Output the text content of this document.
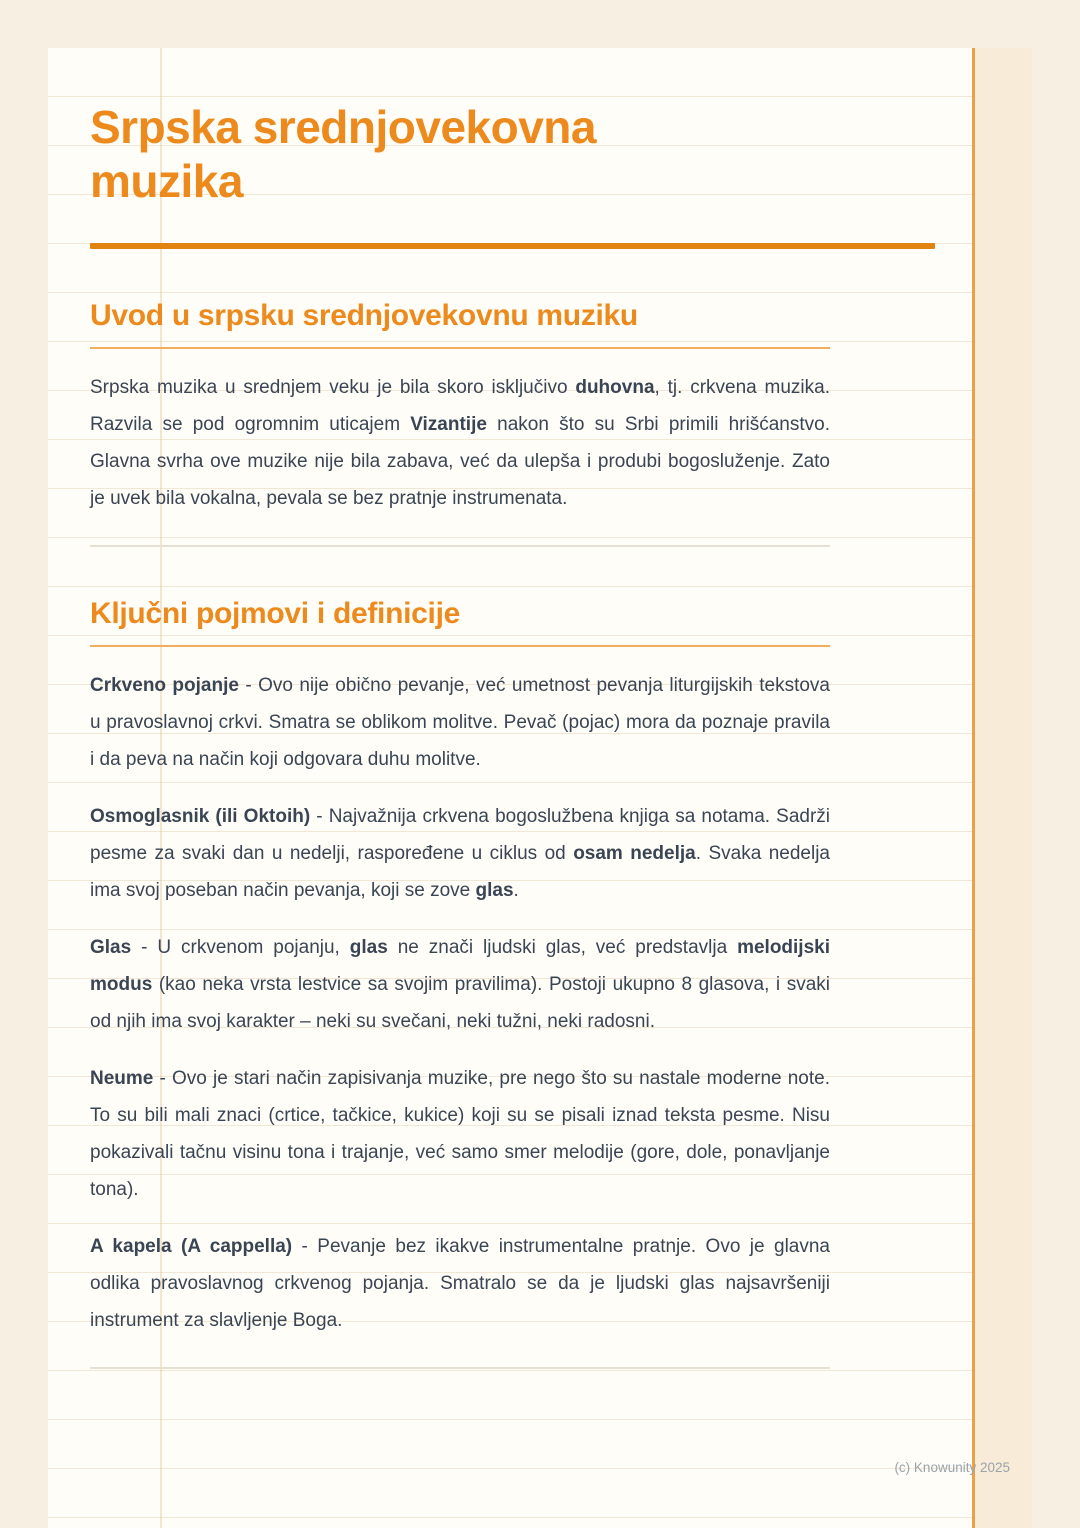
Srpska srednjovekovna
muzika
Uvod u srpsku srednjovekovnu muziku

Srpska muzika u srednjem veku je bila skoro isključivo duhovna, tj. crkvena muzika. Razvila se pod ogromnim uticajem Vizantije nakon što su Srbi primili hrišćanstvo. Glavna svrha ove muzike nije bila zabava, već da ulepša i produbi bogosluženje. Zato je uvek bila vokalna, pevala se bez pratnje instrumenata.

Ključni pojmovi i definicije

Crkveno pojanje - Ovo nije obično pevanje, već umetnost pevanja liturgijskih tekstova u pravoslavnoj crkvi. Smatra se oblikom molitve. Pevač (pojac) mora da poznaje pravila i da peva na način koji odgovara duhu molitve.

Osmoglasnik (ili Oktoih) - Najvažnija crkvena bogoslužbena knjiga sa notama. Sadrži pesme za svaki dan u nedelji, raspoređene u ciklus od osam nedelja. Svaka nedelja ima svoj poseban način pevanja, koji se zove glas.

Glas - U crkvenom pojanju, glas ne znači ljudski glas, već predstavlja melodijski modus (kao neka vrsta lestvice sa svojim pravilima). Postoji ukupno 8 glasova, i svaki od njih ima svoj karakter – neki su svečani, neki tužni, neki radosni.

Neume - Ovo je stari način zapisivanja muzike, pre nego što su nastale moderne note. To su bili mali znaci (crtice, tačkice, kukice) koji su se pisali iznad teksta pesme. Nisu pokazivali tačnu visinu tona i trajanje, već samo smer melodije (gore, dole, ponavljanje tona).

A kapela (A cappella) - Pevanje bez ikakve instrumentalne pratnje. Ovo je glavna odlika pravoslavnog crkvenog pojanja. Smatralo se da je ljudski glas najsavršeniji instrument za slavljenje Boga.

(c) Knowunity 2025
